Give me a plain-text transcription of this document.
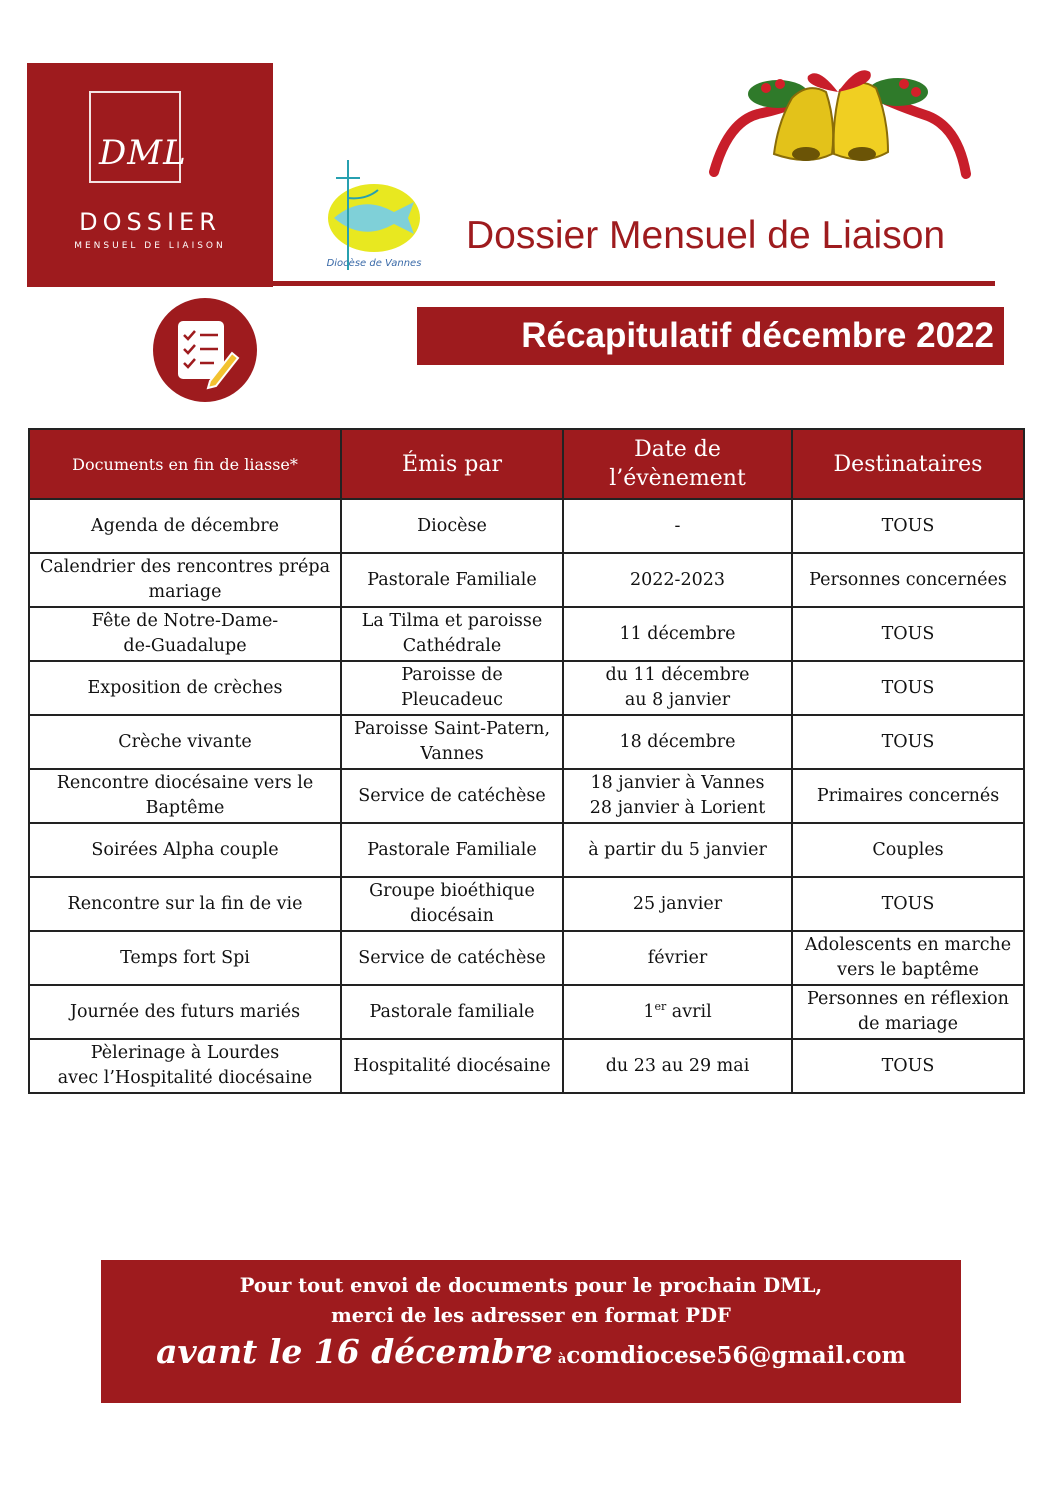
DML
DOSSIER
MENSUEL DE LIAISON
Diocèse de Vannes
Dossier Mensuel de Liaison
Récapitulatif décembre 2022
Documents en fin de liasse*	Émis par	Date de
l’évènement	Destinataires

Agenda de décembre	Diocèse	-	TOUS

Calendrier des rencontres prépa
mariage	Pastorale Familiale	2022-2023	Personnes concernées

Fête de Notre-Dame-
de-Guadalupe	La Tilma et paroisse
Cathédrale	11 décembre	TOUS

Exposition de crèches	Paroisse de
Pleucadeuc	du 11 décembre
au 8 janvier	TOUS

Crèche vivante	Paroisse Saint-Patern,
Vannes	18 décembre	TOUS

Rencontre diocésaine vers le
Baptême	Service de catéchèse	18 janvier à Vannes
28 janvier à Lorient	Primaires concernés

Soirées Alpha couple	Pastorale Familiale	à partir du 5 janvier	Couples

Rencontre sur la fin de vie	Groupe bioéthique
diocésain	25 janvier	TOUS

Temps fort Spi	Service de catéchèse	février	Adolescents en marche
vers le baptême

Journée des futurs mariés	Pastorale familiale	1er avril	Personnes en réflexion
de mariage

Pèlerinage à Lourdes
avec l’Hospitalité diocésaine	Hospitalité diocésaine	du 23 au 29 mai	TOUS
Pour tout envoi de documents pour le prochain DML,
merci de les adresser en format PDF
avant le 16 décembre àcomdiocese56@gmail.com
